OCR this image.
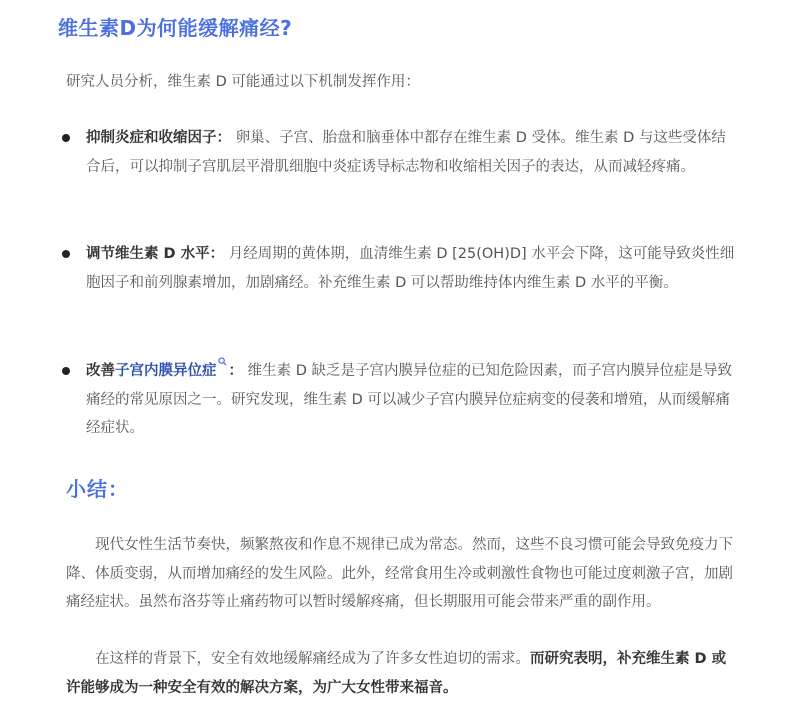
维生素D为何能缓解痛经?
研究人员分析，维生素 D 可能通过以下机制发挥作用：
抑制炎症和收缩因子： 卵巢、子宫、胎盘和脑垂体中都存在维生素 D 受体。维生素 D 与这些受体结合后，可以抑制子宫肌层平滑肌细胞中炎症诱导标志物和收缩相关因子的表达，从而减轻疼痛。
调节维生素 D 水平： 月经周期的黄体期，血清维生素 D [25(OH)D] 水平会下降，这可能导致炎性细胞因子和前列腺素增加，加剧痛经。补充维生素 D 可以帮助维持体内维生素 D 水平的平衡。
改善子宫内膜异位症 ： 维生素 D 缺乏是子宫内膜异位症的已知危险因素，而子宫内膜异位症是导致痛经的常见原因之一。研究发现，维生素 D 可以减少子宫内膜异位症病变的侵袭和增殖，从而缓解痛经症状。
小结：
现代女性生活节奏快，频繁熬夜和作息不规律已成为常态。然而，这些不良习惯可能会导致免疫力下降、体质变弱，从而增加痛经的发生风险。此外，经常食用生冷或刺激性食物也可能过度刺激子宫，加剧痛经症状。虽然布洛芬等止痛药物可以暂时缓解疼痛，但长期服用可能会带来严重的副作用。
在这样的背景下，安全有效地缓解痛经成为了许多女性迫切的需求。而研究表明，补充维生素 D 或许能够成为一种安全有效的解决方案，为广大女性带来福音。
